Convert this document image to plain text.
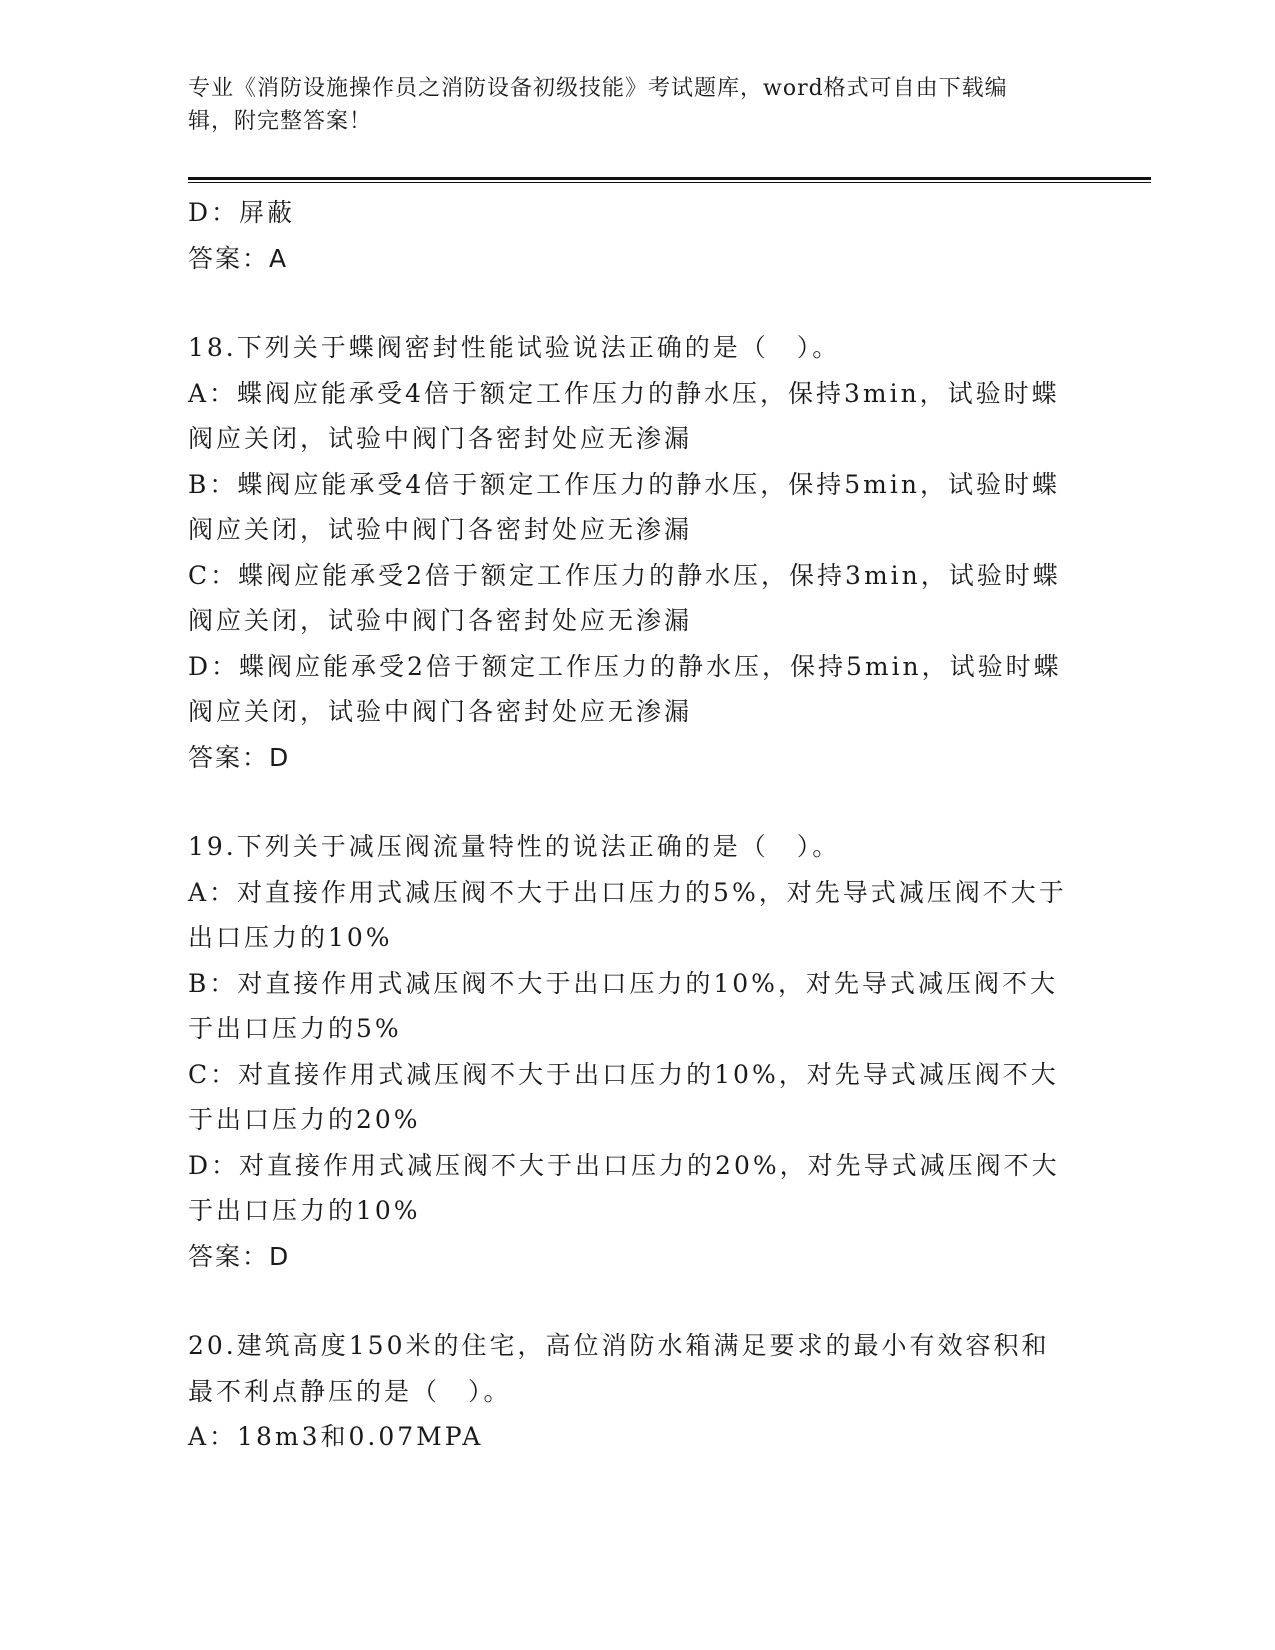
专业《消防设施操作员之消防设备初级技能》考试题库，word格式可自由下载编
辑，附完整答案！
D：屏蔽
答案：A
18.下列关于蝶阀密封性能试验说法正确的是（　）。
A：蝶阀应能承受4倍于额定工作压力的静水压，保持3min，试验时蝶
阀应关闭，试验中阀门各密封处应无渗漏
B：蝶阀应能承受4倍于额定工作压力的静水压，保持5min，试验时蝶
阀应关闭，试验中阀门各密封处应无渗漏
C：蝶阀应能承受2倍于额定工作压力的静水压，保持3min，试验时蝶
阀应关闭，试验中阀门各密封处应无渗漏
D：蝶阀应能承受2倍于额定工作压力的静水压，保持5min，试验时蝶
阀应关闭，试验中阀门各密封处应无渗漏
答案：D
19.下列关于减压阀流量特性的说法正确的是（　）。
A：对直接作用式减压阀不大于出口压力的5%，对先导式减压阀不大于
出口压力的10%
B：对直接作用式减压阀不大于出口压力的10%，对先导式减压阀不大
于出口压力的5%
C：对直接作用式减压阀不大于出口压力的10%，对先导式减压阀不大
于出口压力的20%
D：对直接作用式减压阀不大于出口压力的20%，对先导式减压阀不大
于出口压力的10%
答案：D
20.建筑高度150米的住宅，高位消防水箱满足要求的最小有效容积和
最不利点静压的是（　）。
A：18m3和0.07MPA
